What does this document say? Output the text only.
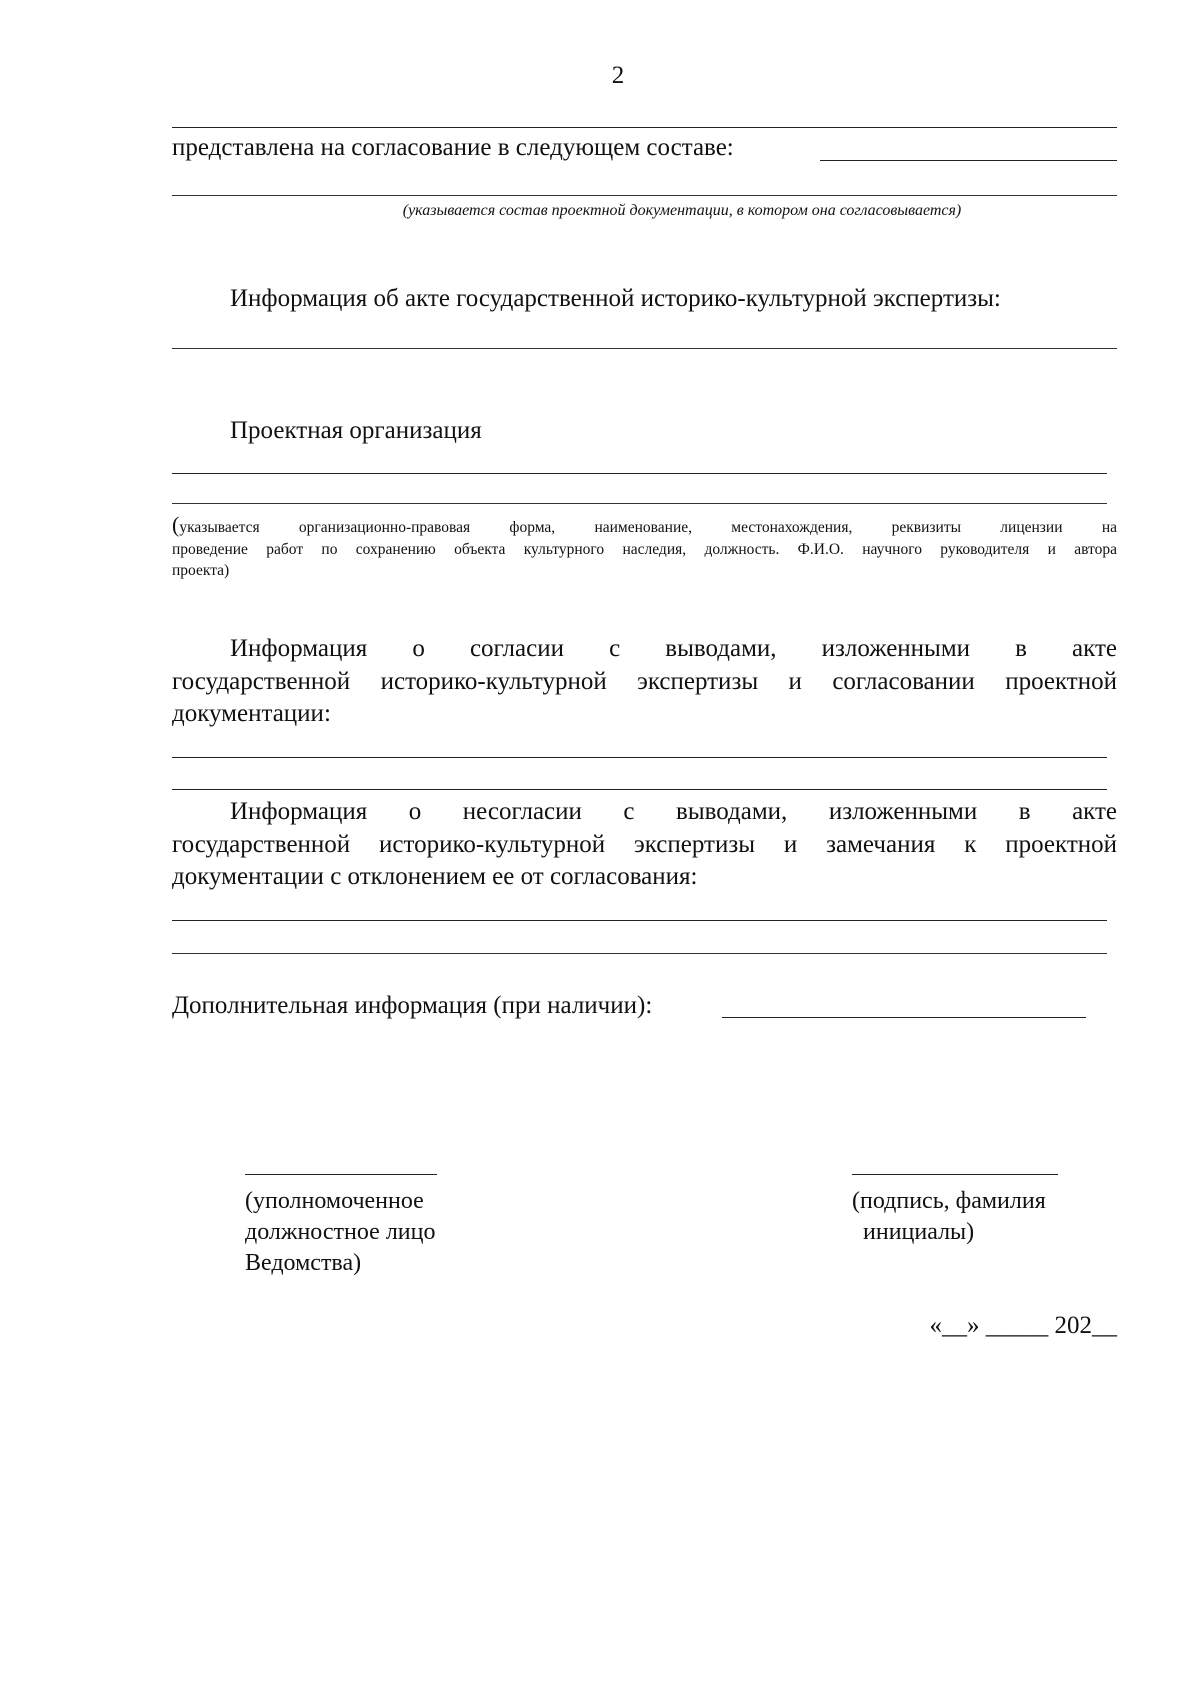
2
представлена на согласование в следующем составе:
(указывается состав проектной документации, в котором она согласовывается)
Информация об акте государственной историко-культурной экспертизы:
Проектная организация
(указывается организационно-правовая форма, наименование, местонахождения, реквизиты лицензии на
проведение работ по сохранению объекта культурного наследия, должность. Ф.И.О. научного руководителя и автора
проекта)
Информация о согласии с выводами, изложенными в акте
государственной историко-культурной экспертизы и согласовании проектной
документации:
Информация о несогласии с выводами, изложенными в акте
государственной историко-культурной экспертизы и замечания к проектной
документации с отклонением ее от согласования:
Дополнительная информация (при наличии):
(уполномоченное
должностное лицо
Ведомства)
(подпись, фамилия
инициалы)
«__» _____ 202__
